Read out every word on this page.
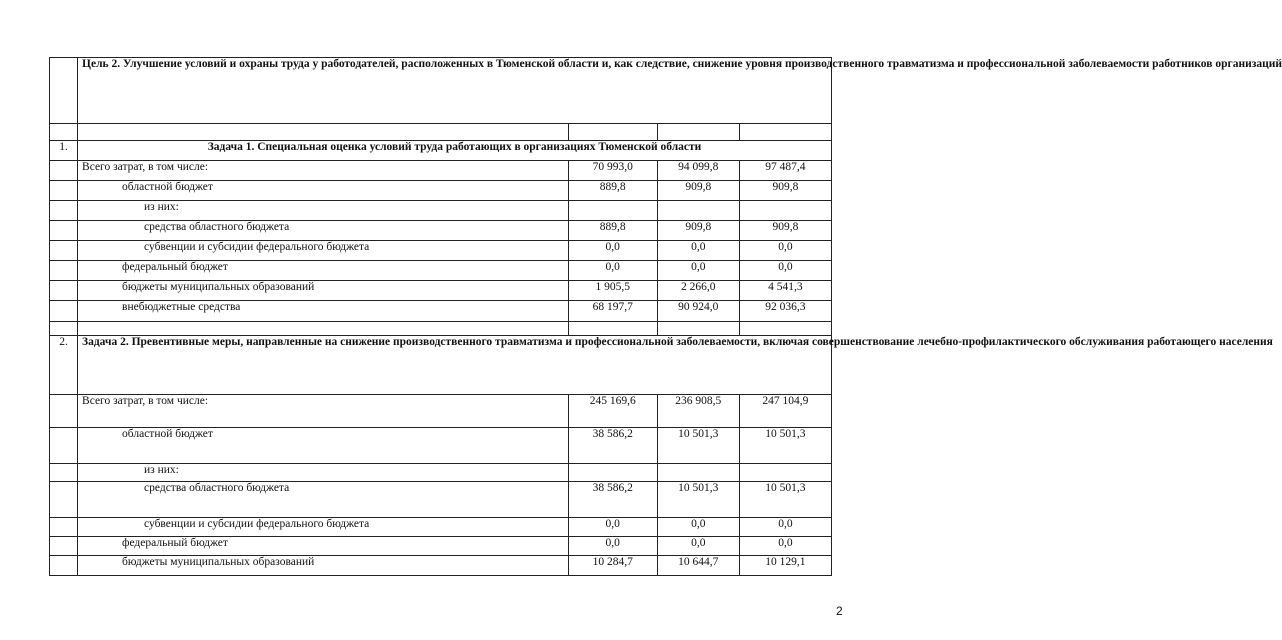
	Цель 2. Улучшение условий и охраны труда у работодателей, расположенных в Тюменской области и, как следствие, снижение уровня производственного травматизма и профессиональной заболеваемости работников организаций			

1.	Задача 1. Специальная оценка условий труда работающих в организациях Тюменской области			
	Всего затрат, в том числе:	70 993,0	94 099,8	97 487,4
	областной бюджет	889,8	909,8	909,8
	из них:			
	средства областного бюджета	889,8	909,8	909,8
	субвенции и субсидии федерального бюджета	0,0	0,0	0,0
	федеральный бюджет	0,0	0,0	0,0
	бюджеты муниципальных образований	1 905,5	2 266,0	4 541,3
	внебюджетные средства	68 197,7	90 924,0	92 036,3

2.	Задача 2. Превентивные меры, направленные на снижение производственного травматизма и профессиональной заболеваемости, включая совершенствование лечебно-профилактического обслуживания работающего населения			
	Всего затрат, в том числе:	245 169,6	236 908,5	247 104,9
	областной бюджет	38 586,2	10 501,3	10 501,3
	из них:			
	средства областного бюджета	38 586,2	10 501,3	10 501,3
	субвенции и субсидии федерального бюджета	0,0	0,0	0,0
	федеральный бюджет	0,0	0,0	0,0
	бюджеты муниципальных образований	10 284,7	10 644,7	10 129,1
2
